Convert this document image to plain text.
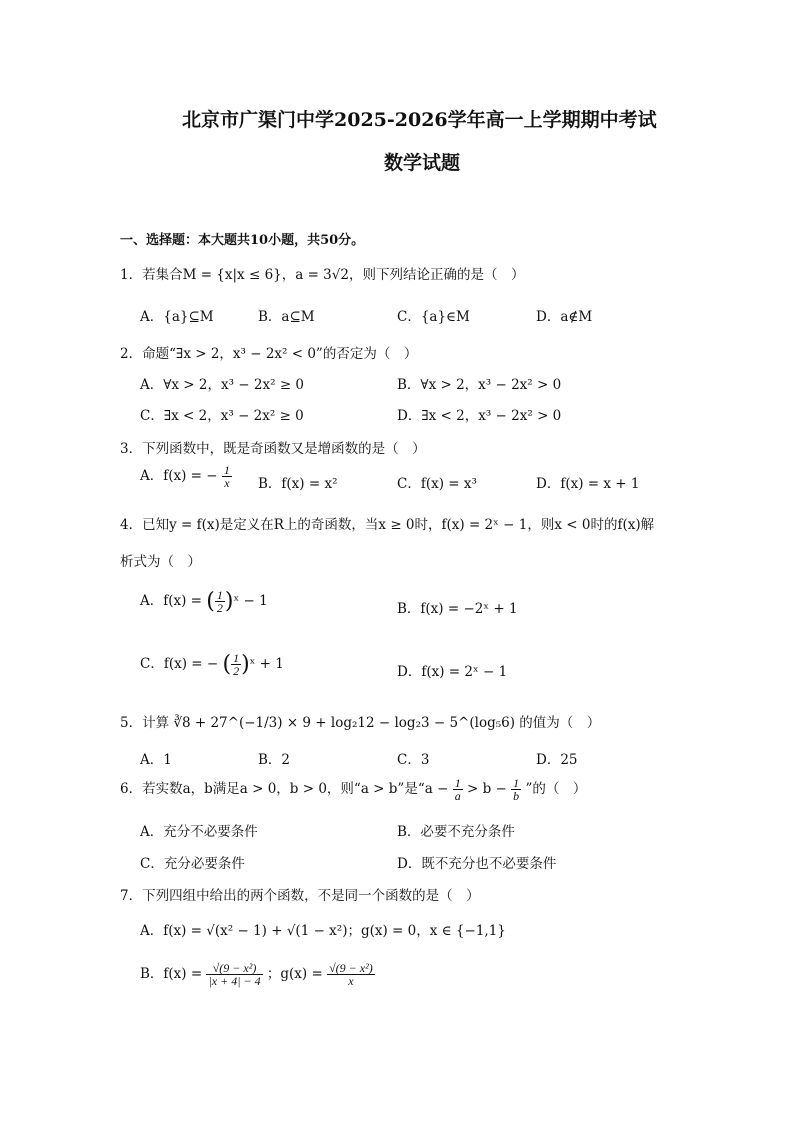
北京市广渠门中学2025-2026学年高一上学期期中考试
数学试题
一、选择题：本大题共10小题，共50分。
1．若集合M = {x|x ≤ 6}，a = 3√2，则下列结论正确的是（　）
A．{a}⊆M	B．a⊆M	C．{a}∈M	D．a∉M
2．命题“∃x > 2，x³ − 2x² < 0”的否定为（　）
A．∀x > 2，x³ − 2x² ≥ 0	B．∀x > 2，x³ − 2x² > 0
C．∃x < 2，x³ − 2x² ≥ 0	D．∃x < 2，x³ − 2x² > 0
3．下列函数中，既是奇函数又是增函数的是（　）
A．f(x) = − $\frac{1}{x}$ B．f(x) = x²	C．f(x) = x³	D．f(x) = x + 1
4．已知y = f(x)是定义在R上的奇函数，当x ≥ 0时，f(x) = 2ˣ − 1，则x < 0时的f(x)解
析式为（　）
A．f(x) = ( $\frac{1}{2}$ )ˣ − 1	B．f(x) = −2ˣ + 1
C．f(x) = − ( $\frac{1}{2}$ )ˣ + 1	D．f(x) = 2ˣ − 1
5．计算 ∛8 + 27^(−1/3) × 9 + log₂12 − log₂3 − 5^(log₅6) 的值为（　）
A．1	B．2	C．3	D．25
6．若实数a，b满足a > 0，b > 0，则“a > b”是“$a - \frac{1}{a} > b - \frac{1}{b}$ ”的（　）
A．充分不必要条件	B．必要不充分条件
C．充分必要条件	D．既不充分也不必要条件
7．下列四组中给出的两个函数，不是同一个函数的是（　）
A．f(x) = √(x² − 1) + √(1 − x²)；g(x) = 0，x ∈ {−1,1}
B．$f(x) = \frac{\text{√(9 − x²)}}{|x + 4| - 4}$ ；$g(x) = \frac{\text{√(9 − x²)}}{x}$
